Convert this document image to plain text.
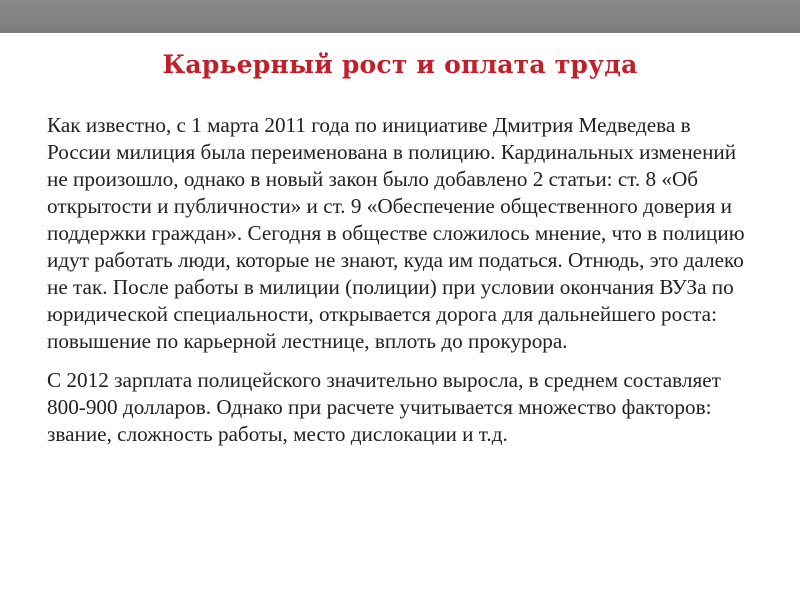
Карьерный рост и оплата труда

Как известно, с 1 марта 2011 года по инициативе Дмитрия Медведева в России милиция была переименована в полицию. Кардинальных изменений не произошло, однако в новый закон было добавлено 2 статьи: ст. 8 «Об открытости и публичности» и ст. 9 «Обеспечение общественного доверия и поддержки граждан». Сегодня в обществе сложилось мнение, что в полицию идут работать люди, которые не знают, куда им податься. Отнюдь, это далеко не так. После работы в милиции (полиции) при условии окончания ВУЗа по юридической специальности, открывается дорога для дальнейшего роста: повышение по карьерной лестнице, вплоть до прокурора.

С 2012 зарплата полицейского значительно выросла, в среднем составляет 800-900 долларов. Однако при расчете учитывается множество факторов: звание, сложность работы, место дислокации и т.д.
